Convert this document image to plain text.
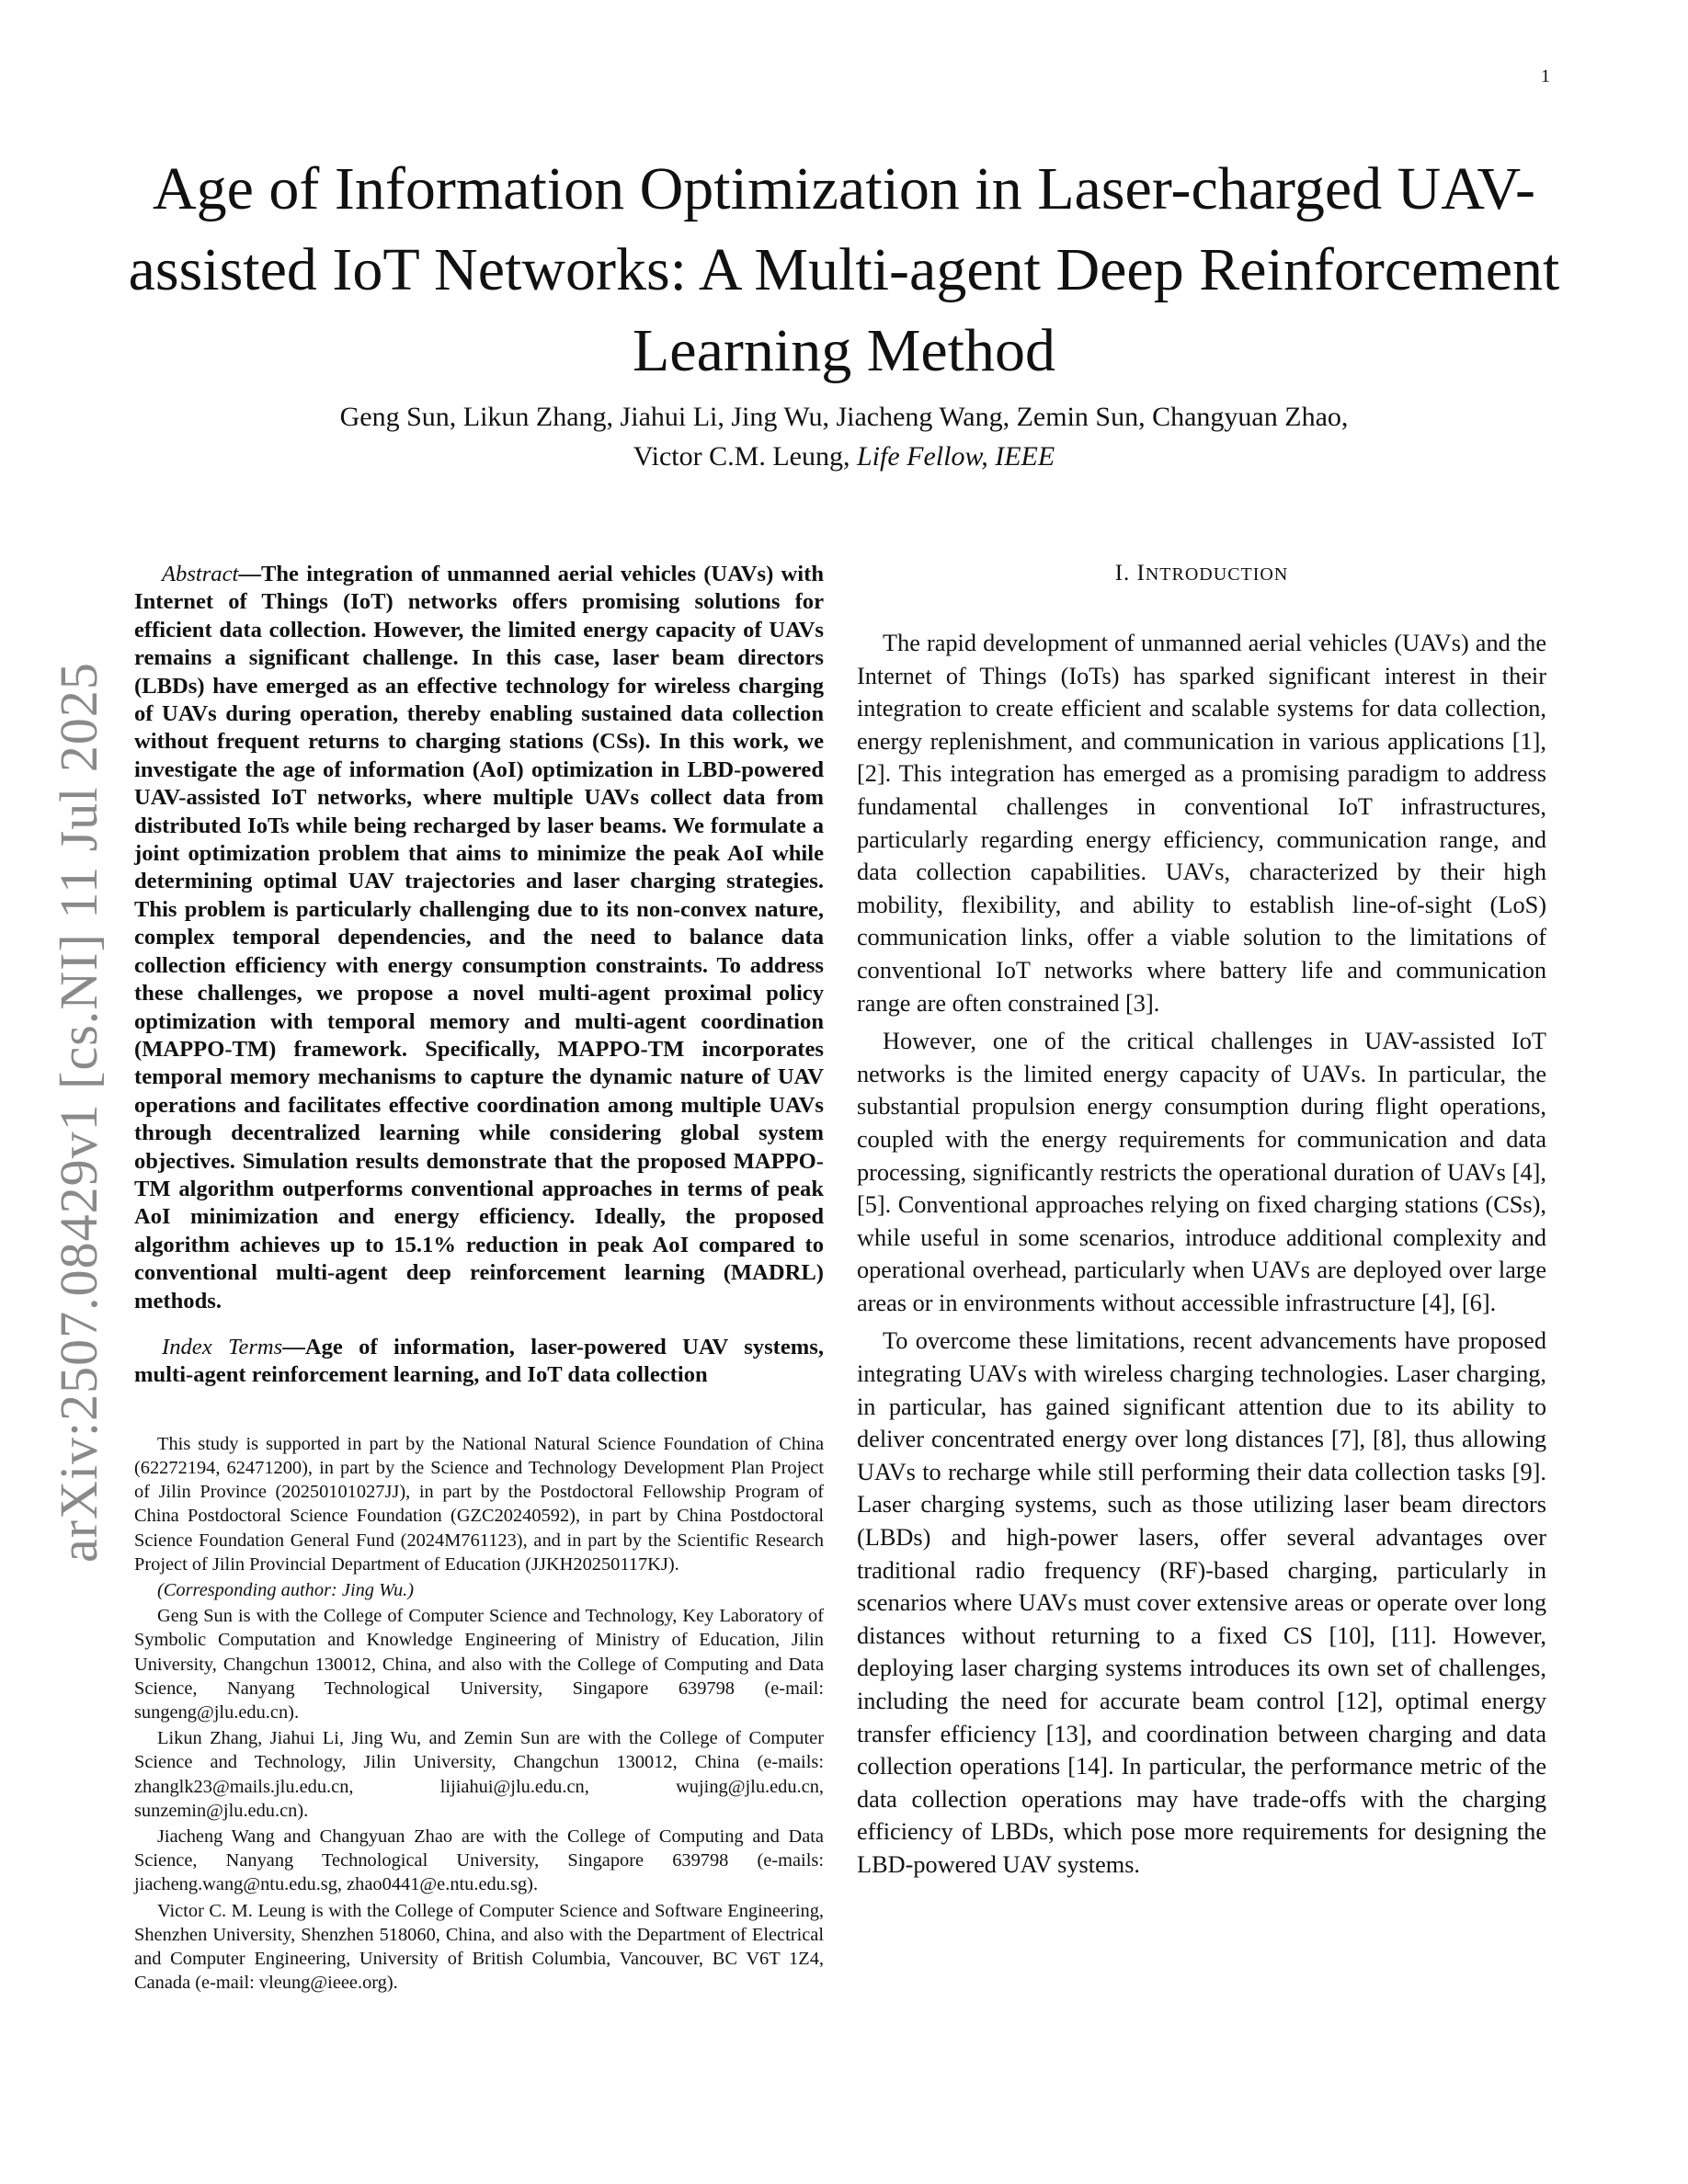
1
arXiv:2507.08429v1 [cs.NI] 11 Jul 2025
Age of Information Optimization in Laser-charged UAV-assisted IoT Networks: A Multi-agent Deep Reinforcement Learning Method
Geng Sun, Likun Zhang, Jiahui Li, Jing Wu, Jiacheng Wang, Zemin Sun, Changyuan Zhao,
Victor C.M. Leung, Life Fellow, IEEE

Abstract—The integration of unmanned aerial vehicles (UAVs) with Internet of Things (IoT) networks offers promising solutions for efficient data collection. However, the limited energy capacity of UAVs remains a significant challenge. In this case, laser beam directors (LBDs) have emerged as an effective technology for wireless charging of UAVs during operation, thereby enabling sustained data collection without frequent returns to charging stations (CSs). In this work, we investigate the age of information (AoI) optimization in LBD-powered UAV-assisted IoT networks, where multiple UAVs collect data from distributed IoTs while being recharged by laser beams. We formulate a joint optimization problem that aims to minimize the peak AoI while determining optimal UAV trajectories and laser charging strategies. This problem is particularly challenging due to its non-convex nature, complex temporal dependencies, and the need to balance data collection efficiency with energy consumption constraints. To address these challenges, we propose a novel multi-agent proximal policy optimization with temporal memory and multi-agent coordination (MAPPO-TM) framework. Specifically, MAPPO-TM incorporates temporal memory mechanisms to capture the dynamic nature of UAV operations and facilitates effective coordination among multiple UAVs through decentralized learning while considering global system objectives. Simulation results demonstrate that the proposed MAPPO-TM algorithm outperforms conventional approaches in terms of peak AoI minimization and energy efficiency. Ideally, the proposed algorithm achieves up to 15.1% reduction in peak AoI compared to conventional multi-agent deep reinforcement learning (MADRL) methods.

Index Terms—Age of information, laser-powered UAV systems, multi-agent reinforcement learning, and IoT data collection

This study is supported in part by the National Natural Science Foundation of China (62272194, 62471200), in part by the Science and Technology Development Plan Project of Jilin Province (20250101027JJ), in part by the Postdoctoral Fellowship Program of China Postdoctoral Science Foundation (GZC20240592), in part by China Postdoctoral Science Foundation General Fund (2024M761123), and in part by the Scientific Research Project of Jilin Provincial Department of Education (JJKH20250117KJ).

(Corresponding author: Jing Wu.)

Geng Sun is with the College of Computer Science and Technology, Key Laboratory of Symbolic Computation and Knowledge Engineering of Ministry of Education, Jilin University, Changchun 130012, China, and also with the College of Computing and Data Science, Nanyang Technological University, Singapore 639798 (e-mail: sungeng@jlu.edu.cn).

Likun Zhang, Jiahui Li, Jing Wu, and Zemin Sun are with the College of Computer Science and Technology, Jilin University, Changchun 130012, China (e-mails: zhanglk23@mails.jlu.edu.cn, lijiahui@jlu.edu.cn, wujing@jlu.edu.cn, sunzemin@jlu.edu.cn).

Jiacheng Wang and Changyuan Zhao are with the College of Computing and Data Science, Nanyang Technological University, Singapore 639798 (e-mails: jiacheng.wang@ntu.edu.sg, zhao0441@e.ntu.edu.sg).

Victor C. M. Leung is with the College of Computer Science and Software Engineering, Shenzhen University, Shenzhen 518060, China, and also with the Department of Electrical and Computer Engineering, University of British Columbia, Vancouver, BC V6T 1Z4, Canada (e-mail: vleung@ieee.org).

I. INTRODUCTION

The rapid development of unmanned aerial vehicles (UAVs) and the Internet of Things (IoTs) has sparked significant interest in their integration to create efficient and scalable systems for data collection, energy replenishment, and communication in various applications [1], [2]. This integration has emerged as a promising paradigm to address fundamental challenges in conventional IoT infrastructures, particularly regarding energy efficiency, communication range, and data collection capabilities. UAVs, characterized by their high mobility, flexibility, and ability to establish line-of-sight (LoS) communication links, offer a viable solution to the limitations of conventional IoT networks where battery life and communication range are often constrained [3].

However, one of the critical challenges in UAV-assisted IoT networks is the limited energy capacity of UAVs. In particular, the substantial propulsion energy consumption during flight operations, coupled with the energy requirements for communication and data processing, significantly restricts the operational duration of UAVs [4], [5]. Conventional approaches relying on fixed charging stations (CSs), while useful in some scenarios, introduce additional complexity and operational overhead, particularly when UAVs are deployed over large areas or in environments without accessible infrastructure [4], [6].

To overcome these limitations, recent advancements have proposed integrating UAVs with wireless charging technologies. Laser charging, in particular, has gained significant attention due to its ability to deliver concentrated energy over long distances [7], [8], thus allowing UAVs to recharge while still performing their data collection tasks [9]. Laser charging systems, such as those utilizing laser beam directors (LBDs) and high-power lasers, offer several advantages over traditional radio frequency (RF)-based charging, particularly in scenarios where UAVs must cover extensive areas or operate over long distances without returning to a fixed CS [10], [11]. However, deploying laser charging systems introduces its own set of challenges, including the need for accurate beam control [12], optimal energy transfer efficiency [13], and coordination between charging and data collection operations [14]. In particular, the performance metric of the data collection operations may have trade-offs with the charging efficiency of LBDs, which pose more requirements for designing the LBD-powered UAV systems.
